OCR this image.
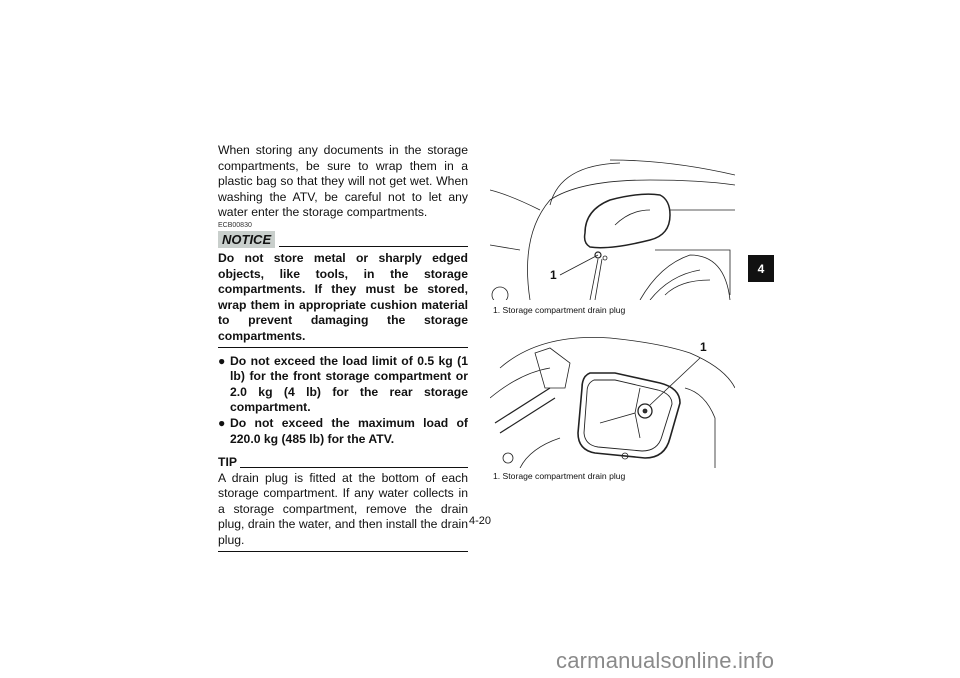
When storing any documents in the storage compartments, be sure to wrap them in a plastic bag so that they will not get wet. When washing the ATV, be careful not to let any water enter the storage compartments.

ECB00830
NOTICE

Do not store metal or sharply edged objects, like tools, in the storage compartments. If they must be stored, wrap them in appropriate cushion material to prevent damaging the storage compartments.

● Do not exceed the load limit of 0.5 kg (1 lb) for the front storage compartment or 2.0 kg (4 lb) for the rear storage compartment.

● Do not exceed the maximum load of 220.0 kg (485 lb) for the ATV.

TIP

A drain plug is fitted at the bottom of each storage compartment. If any water collects in a storage compartment, remove the drain plug, drain the water, and then install the drain plug.

1
1. Storage compartment drain plug
1
1. Storage compartment drain plug
4
4-20
carmanualsonline.info
